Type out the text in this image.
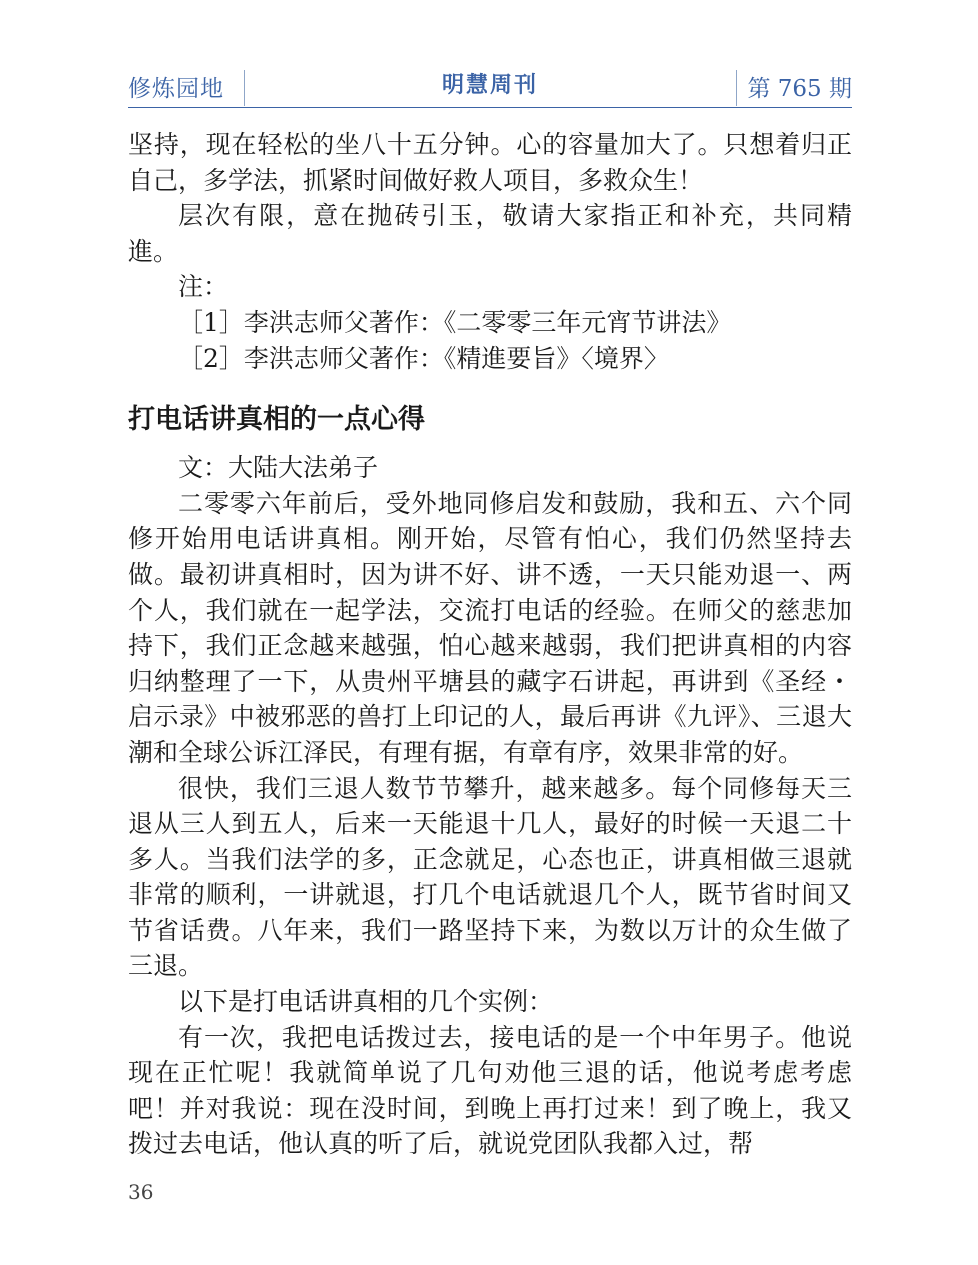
修炼园地	明慧周刊	第 765 期

坚持，现在轻松的坐八十五分钟。心的容量加大了。只想着归正自己，多学法，抓紧时间做好救人项目，多救众生！

层次有限，意在抛砖引玉，敬请大家指正和补充，共同精進。

注：

［1］李洪志师父著作：《二零零三年元宵节讲法》

［2］李洪志师父著作：《精進要旨》〈境界〉

打电话讲真相的一点心得

文：大陆大法弟子

二零零六年前后，受外地同修启发和鼓励，我和五、六个同修开始用电话讲真相。刚开始，尽管有怕心，我们仍然坚持去做。最初讲真相时，因为讲不好、讲不透，一天只能劝退一、两个人，我们就在一起学法，交流打电话的经验。在师父的慈悲加持下，我们正念越来越强，怕心越来越弱，我们把讲真相的内容归纳整理了一下，从贵州平塘县的藏字石讲起，再讲到《圣经・启示录》中被邪恶的兽打上印记的人，最后再讲《九评》、三退大潮和全球公诉江泽民，有理有据，有章有序，效果非常的好。

很快，我们三退人数节节攀升，越来越多。每个同修每天三退从三人到五人，后来一天能退十几人，最好的时候一天退二十多人。当我们法学的多，正念就足，心态也正，讲真相做三退就非常的顺利，一讲就退，打几个电话就退几个人，既节省时间又节省话费。八年来，我们一路坚持下来，为数以万计的众生做了三退。

以下是打电话讲真相的几个实例：

有一次，我把电话拨过去，接电话的是一个中年男子。他说现在正忙呢！我就简单说了几句劝他三退的话，他说考虑考虑吧！并对我说：现在没时间，到晚上再打过来！到了晚上，我又拨过去电话，他认真的听了后，就说党团队我都入过，帮

36
